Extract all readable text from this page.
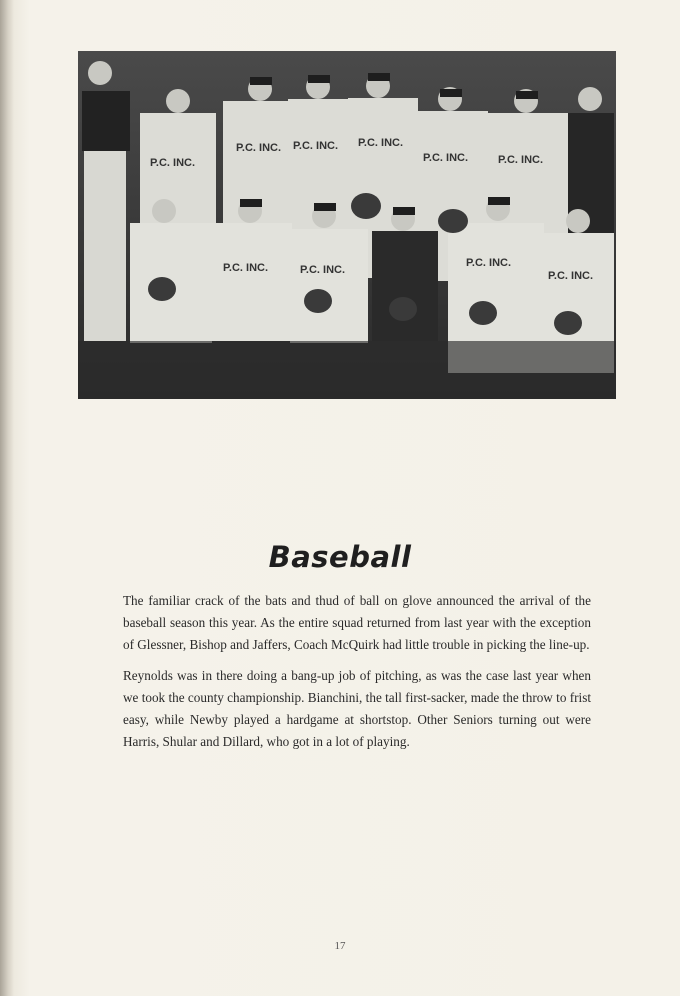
P.C. INC.
P.C. INC. P.C. INC. P.C. INC.
P.C. INC.	P.C. INC.
P.C. INC.	P.C. INC.
P.C. INC.
P.C. INC.
Baseball

The familiar crack of the bats and thud of ball on glove announced the arrival of the baseball season this year. As the entire squad returned from last year with the exception of Glessner, Bishop and Jaffers, Coach McQuirk had little trouble in picking the line-up.

Reynolds was in there doing a bang-up job of pitching, as was the case last year when we took the county championship. Bianchini, the tall first-sacker, made the throw to frist easy, while Newby played a hardgame at shortstop. Other Seniors turning out were Harris, Shular and Dillard, who got in a lot of playing.

17
